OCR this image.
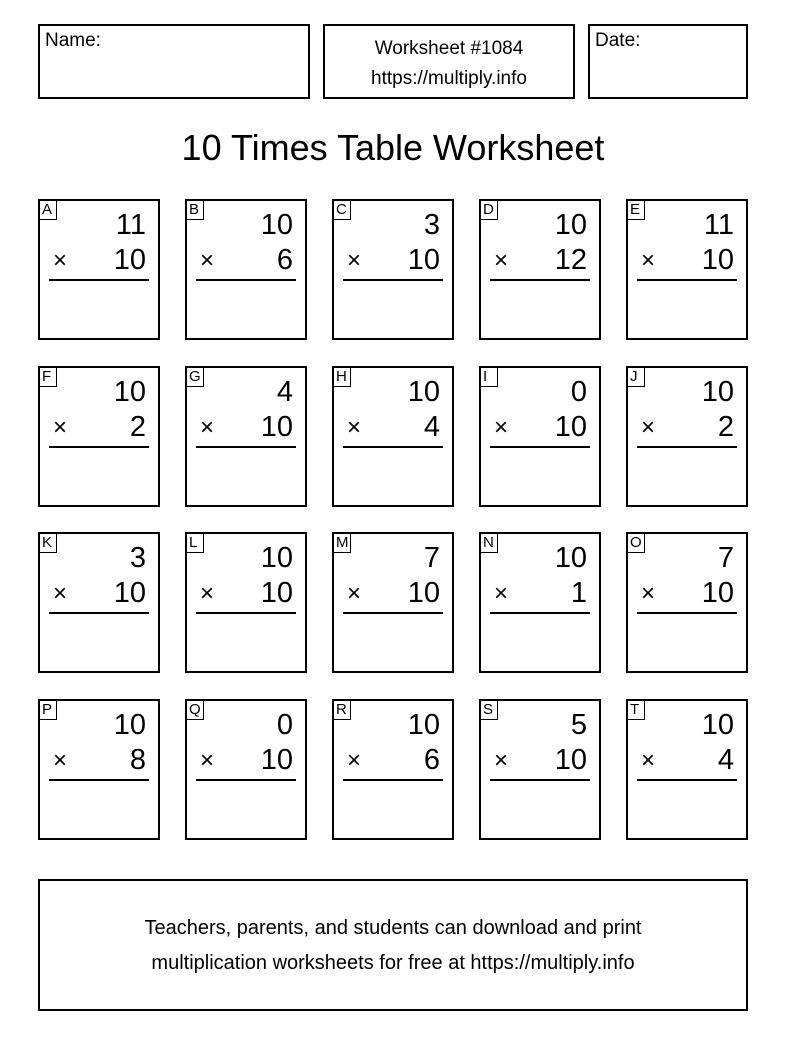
Name:	Worksheet #1084
https://multiply.info
Date:
10 Times Table Worksheet
A 11
× 10
B 10
× 6
C	3
× 10
D 10
× 12
E 11
× 10
F 10
× 2
G	4
× 10
H 10
× 4
I	0
× 10
J 10
× 2
K	3
× 10
L 10
× 10
M	7
× 10
N 10
× 1
O	7
× 10
P 10
× 8
Q	0
× 10
R 10
× 6
S	5
× 10
T 10
× 4
Teachers, parents, and students can download and print
multiplication worksheets for free at https://multiply.info
